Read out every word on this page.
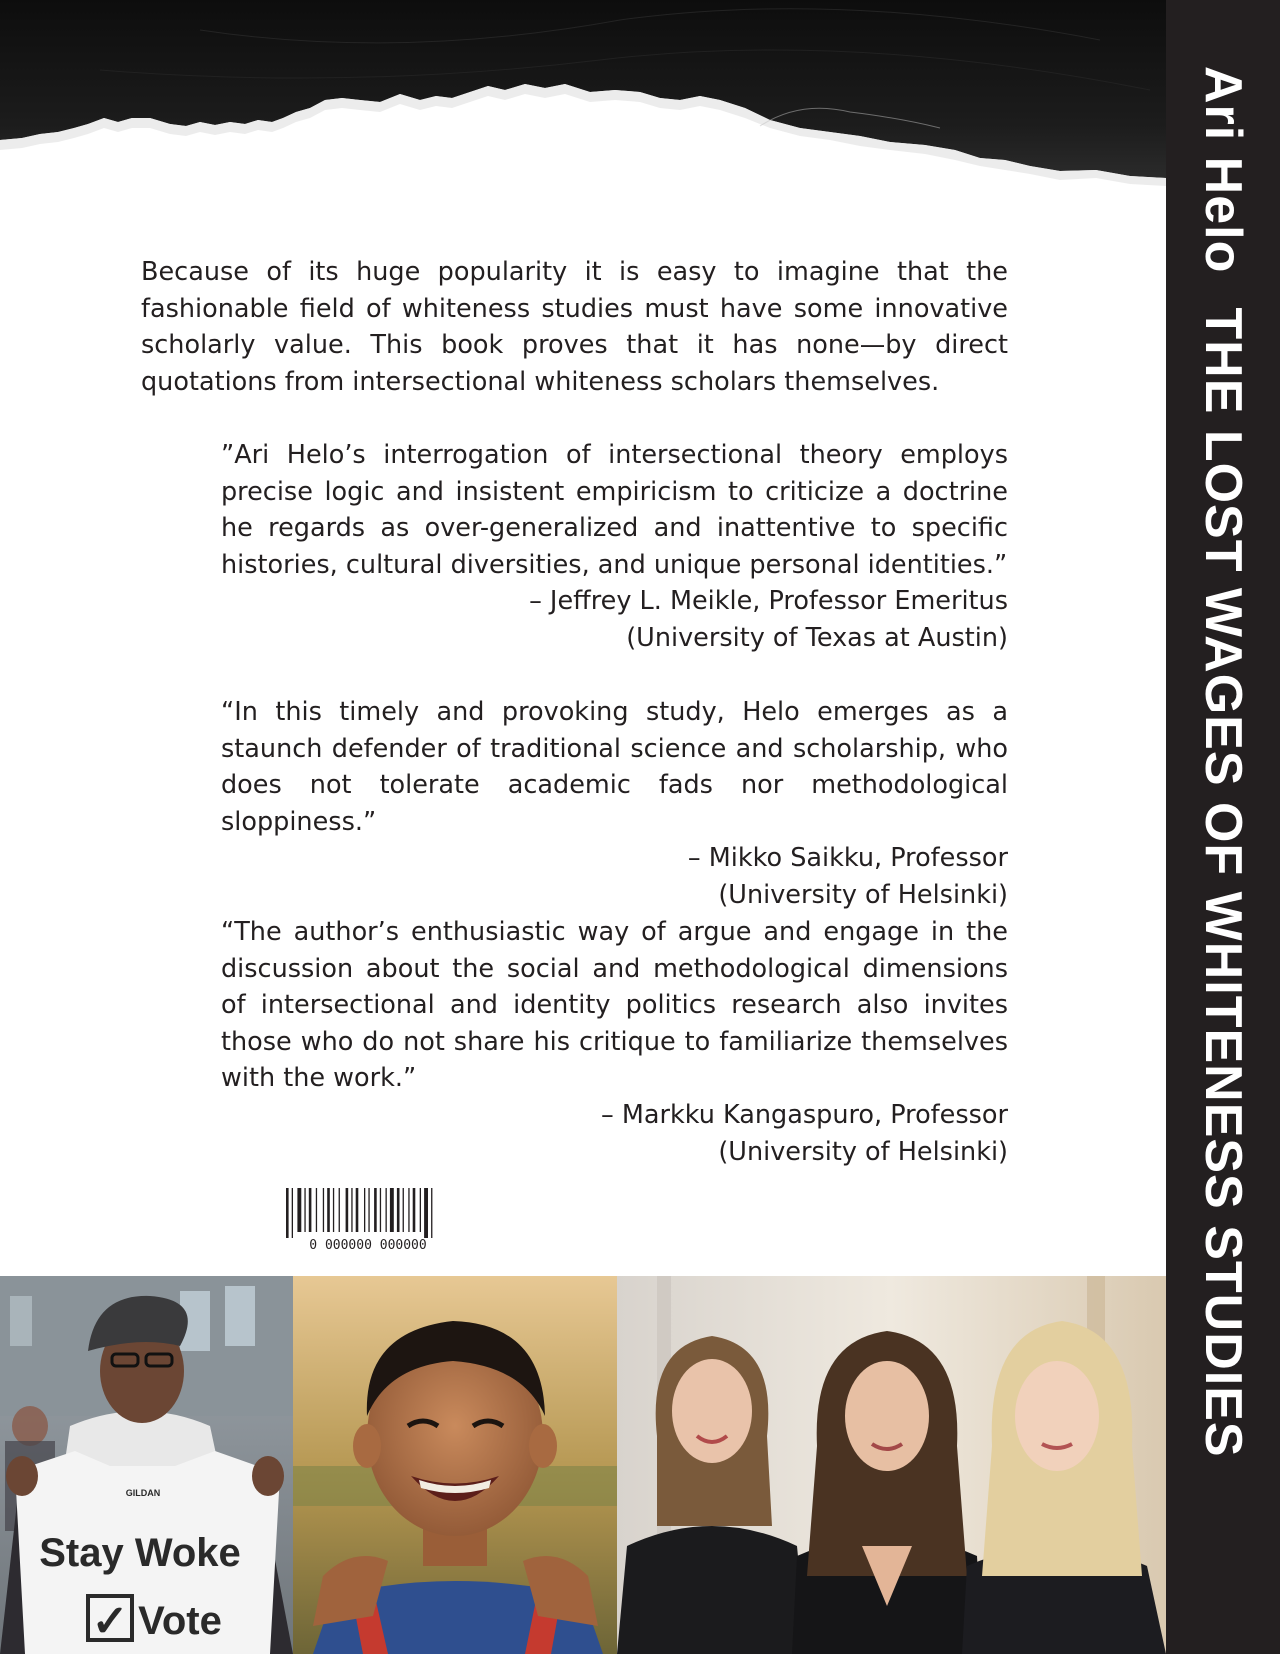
Ari HeloTHE LOST WAGES OF WHITENESS STUDIES

Because of its huge popularity it is easy to imagine that the fashionable field of whiteness studies must have some innovative scholarly value. This book proves that it has none—by direct quotations from intersectional whiteness scholars themselves.

”Ari Helo’s interrogation of intersectional theory employs precise logic and insistent empiricism to criticize a doctrine he regards as over-generalized and inattentive to specific histories, cultural diversities, and unique personal identities.”

– Jeffrey L. Meikle, Professor Emeritus

(University of Texas at Austin)

“In this timely and provoking study, Helo emerges as a staunch defender of traditional science and scholarship, who does not tolerate academic fads nor methodological sloppiness.”

– Mikko Saikku, Professor

(University of Helsinki)

“The author’s enthusiastic way of argue and engage in the discussion about the social and methodological dimensions of intersectional and identity politics research also invites those who do not share his critique to familiarize themselves with the work.”

– Markku Kangaspuro, Professor

(University of Helsinki)

0 000000 000000
GILDAN
Stay Woke
✓ Vote
